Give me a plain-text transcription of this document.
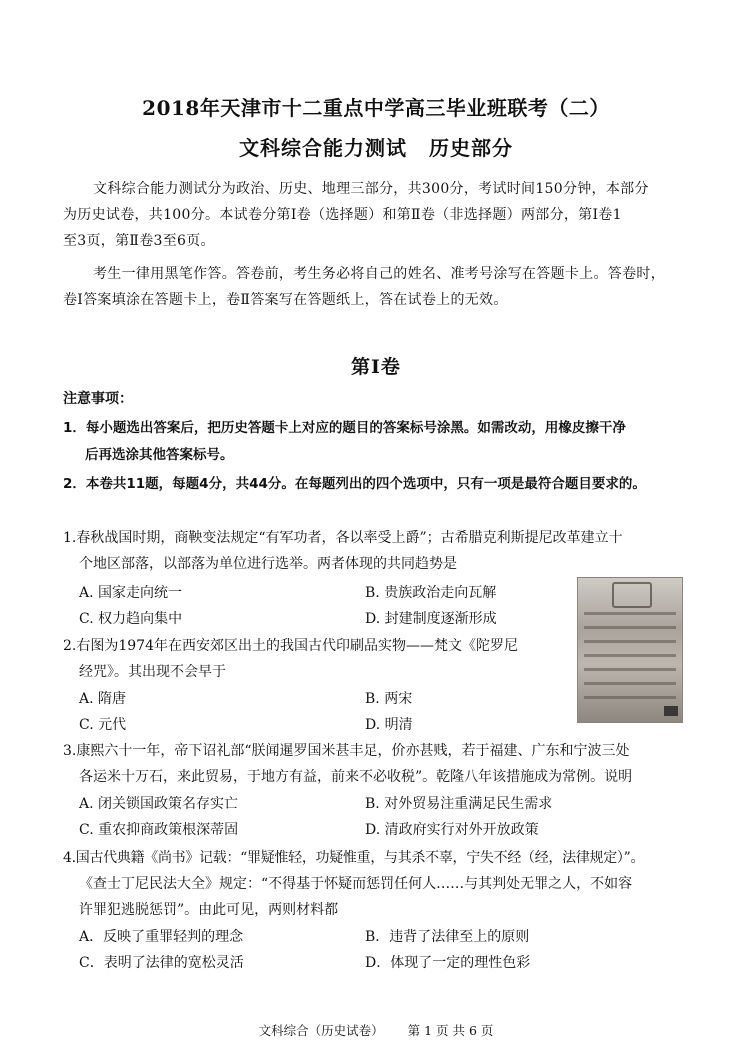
2018年天津市十二重点中学高三毕业班联考（二）
文科综合能力测试 历史部分
文科综合能力测试分为政治、历史、地理三部分，共300分，考试时间150分钟，本部分
为历史试卷，共100分。本试卷分第Ⅰ卷（选择题）和第Ⅱ卷（非选择题）两部分，第Ⅰ卷1
至3页，第Ⅱ卷3至6页。
考生一律用黑笔作答。答卷前，考生务必将自己的姓名、准考号涂写在答题卡上。答卷时，
卷Ⅰ答案填涂在答题卡上，卷Ⅱ答案写在答题纸上，答在试卷上的无效。
第Ⅰ卷
注意事项：
1．每小题选出答案后，把历史答题卡上对应的题目的答案标号涂黑。如需改动，用橡皮擦干净
后再选涂其他答案标号。
2．本卷共11题，每题4分，共44分。在每题列出的四个选项中，只有一项是最符合题目要求的。
1.春秋战国时期，商鞅变法规定“有军功者，各以率受上爵”；古希腊克利斯提尼改革建立十
个地区部落，以部落为单位进行选举。两者体现的共同趋势是
A. 国家走向统一	B. 贵族政治走向瓦解
C. 权力趋向集中	D. 封建制度逐渐形成
2.右图为1974年在西安郊区出土的我国古代印刷品实物——梵文《陀罗尼
经咒》。其出现不会早于
A. 隋唐	B. 两宋
C. 元代	D. 明清
3.康熙六十一年，帝下诏礼部“朕闻暹罗国米甚丰足，价亦甚贱，若于福建、广东和宁波三处
各运米十万石，来此贸易，于地方有益，前来不必收税”。乾隆八年该措施成为常例。说明
A. 闭关锁国政策名存实亡	B. 对外贸易注重满足民生需求
C. 重农抑商政策根深蒂固	D. 清政府实行对外开放政策
4.国古代典籍《尚书》记载：“罪疑惟轻，功疑惟重，与其杀不辜，宁失不经（经，法律规定）”。
《查士丁尼民法大全》规定：“不得基于怀疑而惩罚任何人……与其判处无罪之人，不如容
许罪犯逃脱惩罚”。由此可见，两则材料都
A．反映了重罪轻判的理念	B．违背了法律至上的原则
C．表明了法律的宽松灵活	D．体现了一定的理性色彩
文科综合（历史试卷） 第 1 页 共 6 页
